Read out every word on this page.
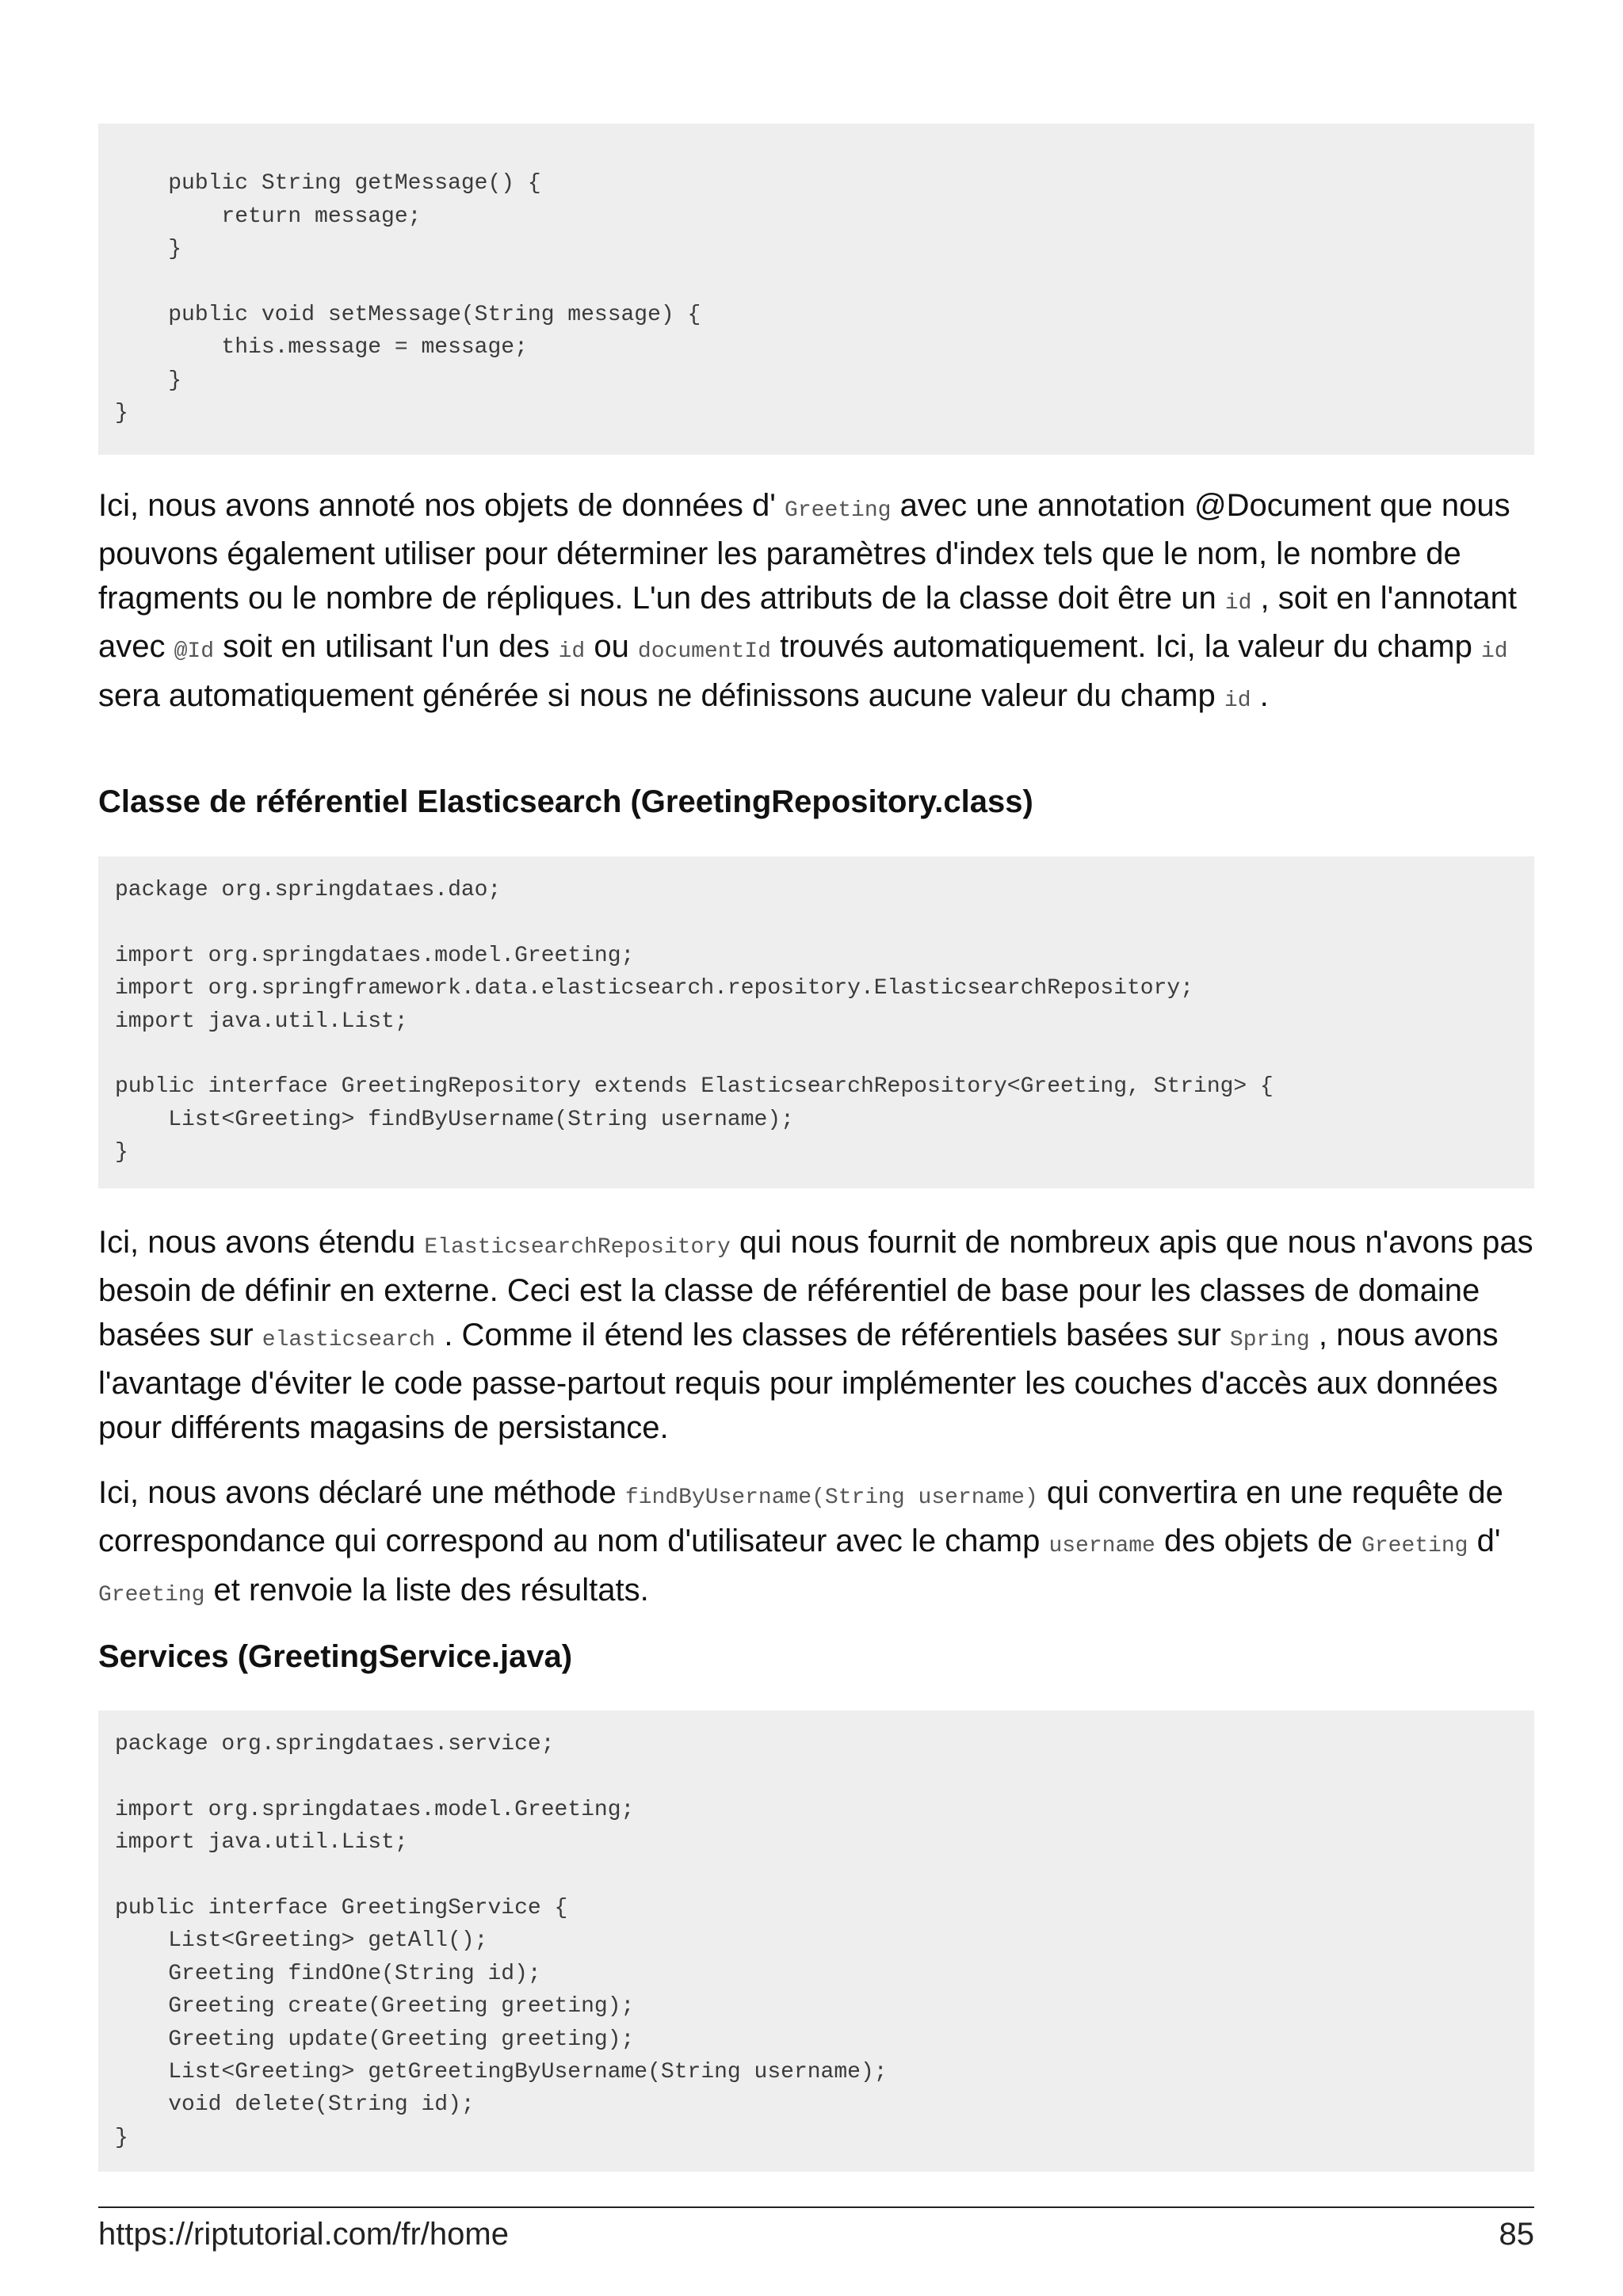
public String getMessage() {
return message;
}
public void setMessage(String message) {
this.message = message;
}
}
Ici, nous avons annoté nos objets de données d' Greeting avec une annotation @Document que nous pouvons également utiliser pour déterminer les paramètres d'index tels que le nom, le nombre de fragments ou le nombre de répliques. L'un des attributs de la classe doit être un id , soit en l'annotant avec @Id soit en utilisant l'un des id ou documentId trouvés automatiquement. Ici, la valeur du champ id sera automatiquement générée si nous ne définissons aucune valeur du champ id .
Classe de référentiel Elasticsearch (GreetingRepository.class)
package org.springdataes.dao;
import org.springdataes.model.Greeting;
import org.springframework.data.elasticsearch.repository.ElasticsearchRepository;
import java.util.List;
public interface GreetingRepository extends ElasticsearchRepository<Greeting, String> {
List<Greeting> findByUsername(String username);
}
Ici, nous avons étendu ElasticsearchRepository qui nous fournit de nombreux apis que nous n'avons pas besoin de définir en externe. Ceci est la classe de référentiel de base pour les classes de domaine basées sur elasticsearch . Comme il étend les classes de référentiels basées sur Spring , nous avons l'avantage d'éviter le code passe-partout requis pour implémenter les couches d'accès aux données pour différents magasins de persistance.
Ici, nous avons déclaré une méthode findByUsername(String username) qui convertira en une requête de correspondance qui correspond au nom d'utilisateur avec le champ username des objets de Greeting d' Greeting et renvoie la liste des résultats.
Services (GreetingService.java)
package org.springdataes.service;
import org.springdataes.model.Greeting;
import java.util.List;
public interface GreetingService {
List<Greeting> getAll();
Greeting findOne(String id);
Greeting create(Greeting greeting);
Greeting update(Greeting greeting);
List<Greeting> getGreetingByUsername(String username);
void delete(String id);
}
https://riptutorial.com/fr/home	85
